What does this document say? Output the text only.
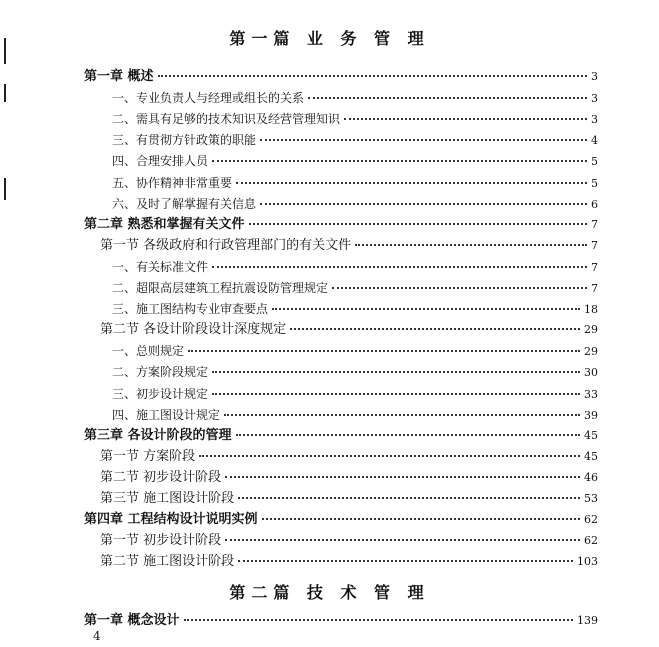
第一篇 业 务 管 理
第一章 概述	3
一、专业负责人与经理或组长的关系	3
二、需具有足够的技术知识及经营管理知识	3
三、有贯彻方针政策的职能	4
四、合理安排人员	5
五、协作精神非常重要	5
六、及时了解掌握有关信息	6
第二章 熟悉和掌握有关文件	7
第一节 各级政府和行政管理部门的有关文件	7
一、有关标准文件	7
二、超限高层建筑工程抗震设防管理规定	7
三、施工图结构专业审查要点	18
第二节 各设计阶段设计深度规定	29
一、总则规定	29
二、方案阶段规定	30
三、初步设计规定	33
四、施工图设计规定	39
第三章 各设计阶段的管理	45
第一节 方案阶段	45
第二节 初步设计阶段	46
第三节 施工图设计阶段	53
第四章 工程结构设计说明实例	62
第一节 初步设计阶段	62
第二节 施工图设计阶段	103
第一章 概念设计	139
第二篇 技 术 管 理
4
